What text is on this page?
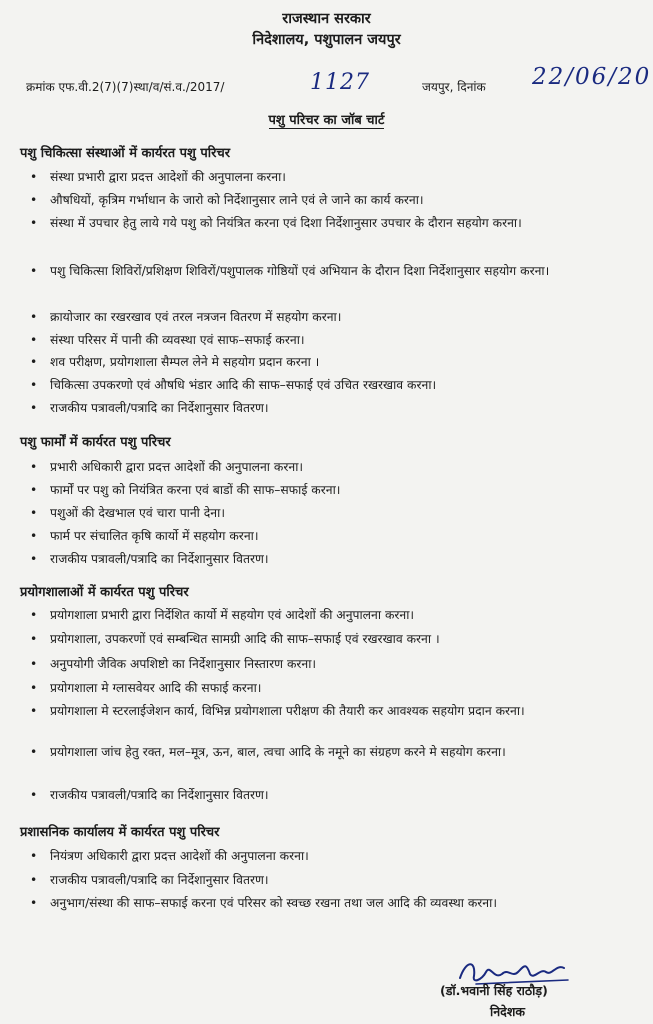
राजस्थान सरकार
निदेशालय, पशुपालन जयपुर
क्रमांक एफ.वी.2(7)(7)स्था/व/सं.व./2017/	1127	जयपुर, दिनांक 22/06/20
पशु परिचर का जॉब चार्ट
पशु चिकित्सा संस्थाओं में कार्यरत पशु परिचर
• संस्था प्रभारी द्वारा प्रदत्त आदेशों की अनुपालना करना।
• औषधियों, कृत्रिम गर्भाधान के जारो को निर्देशानुसार लाने एवं ले जाने का कार्य करना।
• संस्था में उपचार हेतु लाये गये पशु को नियंत्रित करना एवं दिशा निर्देशानुसार उपचार के दौरान सहयोग करना।
• पशु चिकित्सा शिविरों/प्रशिक्षण शिविरों/पशुपालक गोष्ठियों एवं अभियान के दौरान दिशा निर्देशानुसार सहयोग करना।
• क्रायोजार का रखरखाव एवं तरल नत्रजन वितरण में सहयोग करना।
• संस्था परिसर में पानी की व्यवस्था एवं साफ–सफाई करना।
• शव परीक्षण, प्रयोगशाला सैम्पल लेने मे सहयोग प्रदान करना ।
• चिकित्सा उपकरणो एवं औषधि भंडार आदि की साफ–सफाई एवं उचित रखरखाव करना।
• राजकीय पत्रावली/पत्रादि का निर्देशानुसार वितरण।
पशु फार्मों में कार्यरत पशु परिचर
• प्रभारी अधिकारी द्वारा प्रदत्त आदेशों की अनुपालना करना।
• फार्मों पर पशु को नियंत्रित करना एवं बाडों की साफ–सफाई करना।
• पशुओं की देखभाल एवं चारा पानी देना।
• फार्म पर संचालित कृषि कार्यो में सहयोग करना।
• राजकीय पत्रावली/पत्रादि का निर्देशानुसार वितरण।
प्रयोगशालाओं में कार्यरत पशु परिचर
• प्रयोगशाला प्रभारी द्वारा निर्देशित कार्यो में सहयोग एवं आदेशों की अनुपालना करना।
• प्रयोगशाला, उपकरणों एवं सम्बन्धित सामग्री आदि की साफ–सफाई एवं रखरखाव करना ।
• अनुपयोगी जैविक अपशिष्टो का निर्देशानुसार निस्तारण करना।
• प्रयोगशाला मे ग्लासवेयर आदि की सफाई करना।
• प्रयोगशाला मे स्टरलाईजेशन कार्य, विभिन्न प्रयोगशाला परीक्षण की तैयारी कर आवश्यक सहयोग प्रदान करना।
• प्रयोगशाला जांच हेतु रक्त, मल–मूत्र, ऊन, बाल, त्वचा आदि के नमूने का संग्रहण करने मे सहयोग करना।
• राजकीय पत्रावली/पत्रादि का निर्देशानुसार वितरण।
प्रशासनिक कार्यालय में कार्यरत पशु परिचर
• नियंत्रण अधिकारी द्वारा प्रदत्त आदेशों की अनुपालना करना।
• राजकीय पत्रावली/पत्रादि का निर्देशानुसार वितरण।
• अनुभाग/संस्था की साफ–सफाई करना एवं परिसर को स्वच्छ रखना तथा जल आदि की व्यवस्था करना।
(डॉ.भवानी सिंह राठौड़)
निदेशक
